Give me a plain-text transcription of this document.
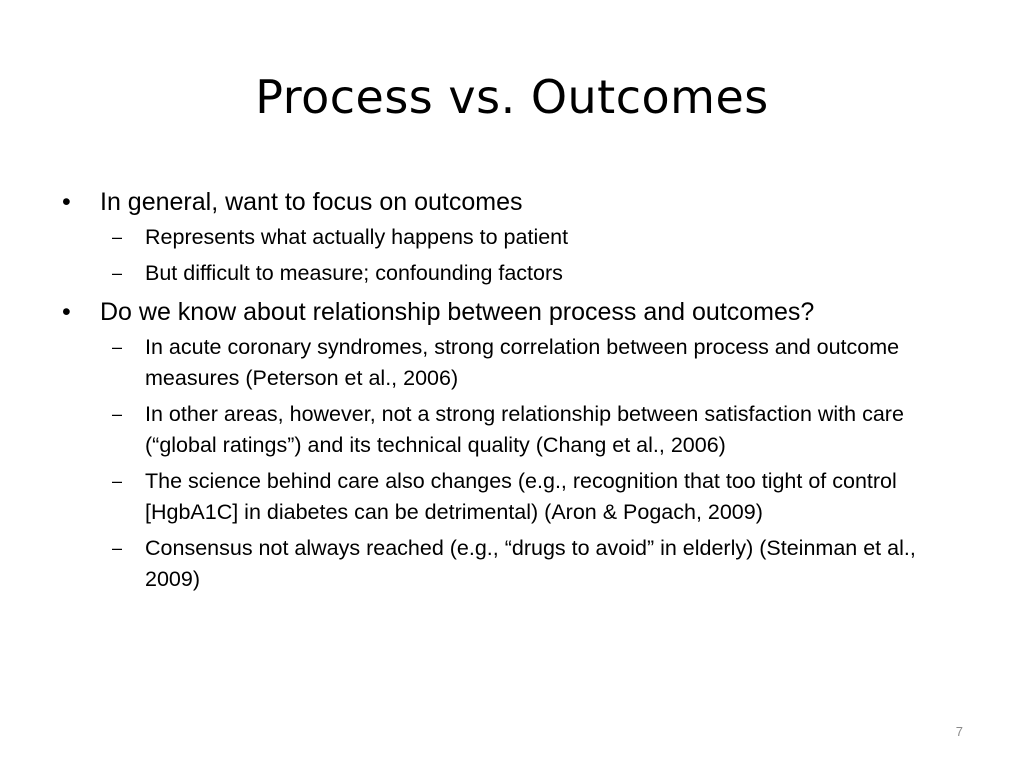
Process vs. Outcomes
• In general, want to focus on outcomes
– Represents what actually happens to patient
– But difficult to measure; confounding factors
• Do we know about relationship between process and outcomes?
– In acute coronary syndromes, strong correlation between process and outcome measures (Peterson et al., 2006)
– In other areas, however, not a strong relationship between satisfaction with care (“global ratings”) and its technical quality (Chang et al., 2006)
– The science behind care also changes (e.g., recognition that too tight of control [HgbA1C] in diabetes can be detrimental) (Aron & Pogach, 2009)
– Consensus not always reached (e.g., “drugs to avoid” in elderly) (Steinman et al., 2009)
7
